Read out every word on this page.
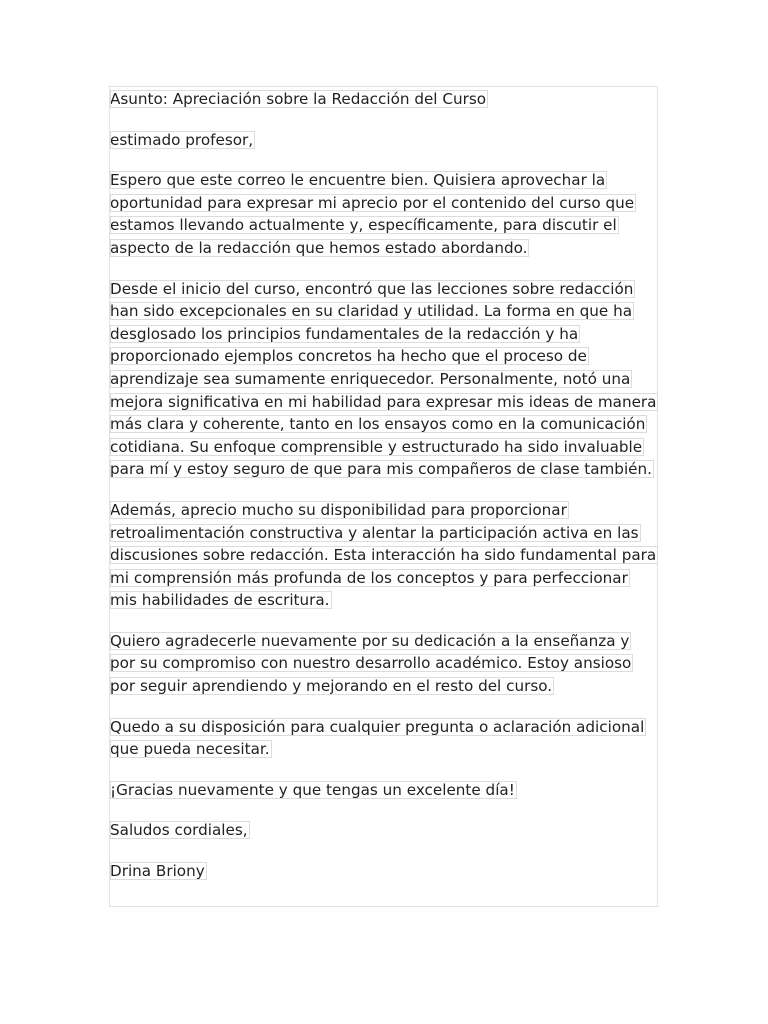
Asunto: Apreciación sobre la Redacción del Curso
estimado profesor,
Espero que este correo le encuentre bien. Quisiera aprovechar la
oportunidad para expresar mi aprecio por el contenido del curso que
estamos llevando actualmente y, específicamente, para discutir el
aspecto de la redacción que hemos estado abordando.
Desde el inicio del curso, encontró que las lecciones sobre redacción
han sido excepcionales en su claridad y utilidad. La forma en que ha
desglosado los principios fundamentales de la redacción y ha
proporcionado ejemplos concretos ha hecho que el proceso de
aprendizaje sea sumamente enriquecedor. Personalmente, notó una
mejora significativa en mi habilidad para expresar mis ideas de manera
más clara y coherente, tanto en los ensayos como en la comunicación
cotidiana. Su enfoque comprensible y estructurado ha sido invaluable
para mí y estoy seguro de que para mis compañeros de clase también.
Además, aprecio mucho su disponibilidad para proporcionar
retroalimentación constructiva y alentar la participación activa en las
discusiones sobre redacción. Esta interacción ha sido fundamental para
mi comprensión más profunda de los conceptos y para perfeccionar
mis habilidades de escritura.
Quiero agradecerle nuevamente por su dedicación a la enseñanza y
por su compromiso con nuestro desarrollo académico. Estoy ansioso
por seguir aprendiendo y mejorando en el resto del curso.
Quedo a su disposición para cualquier pregunta o aclaración adicional
que pueda necesitar.
¡Gracias nuevamente y que tengas un excelente día!
Saludos cordiales,
Drina Briony
